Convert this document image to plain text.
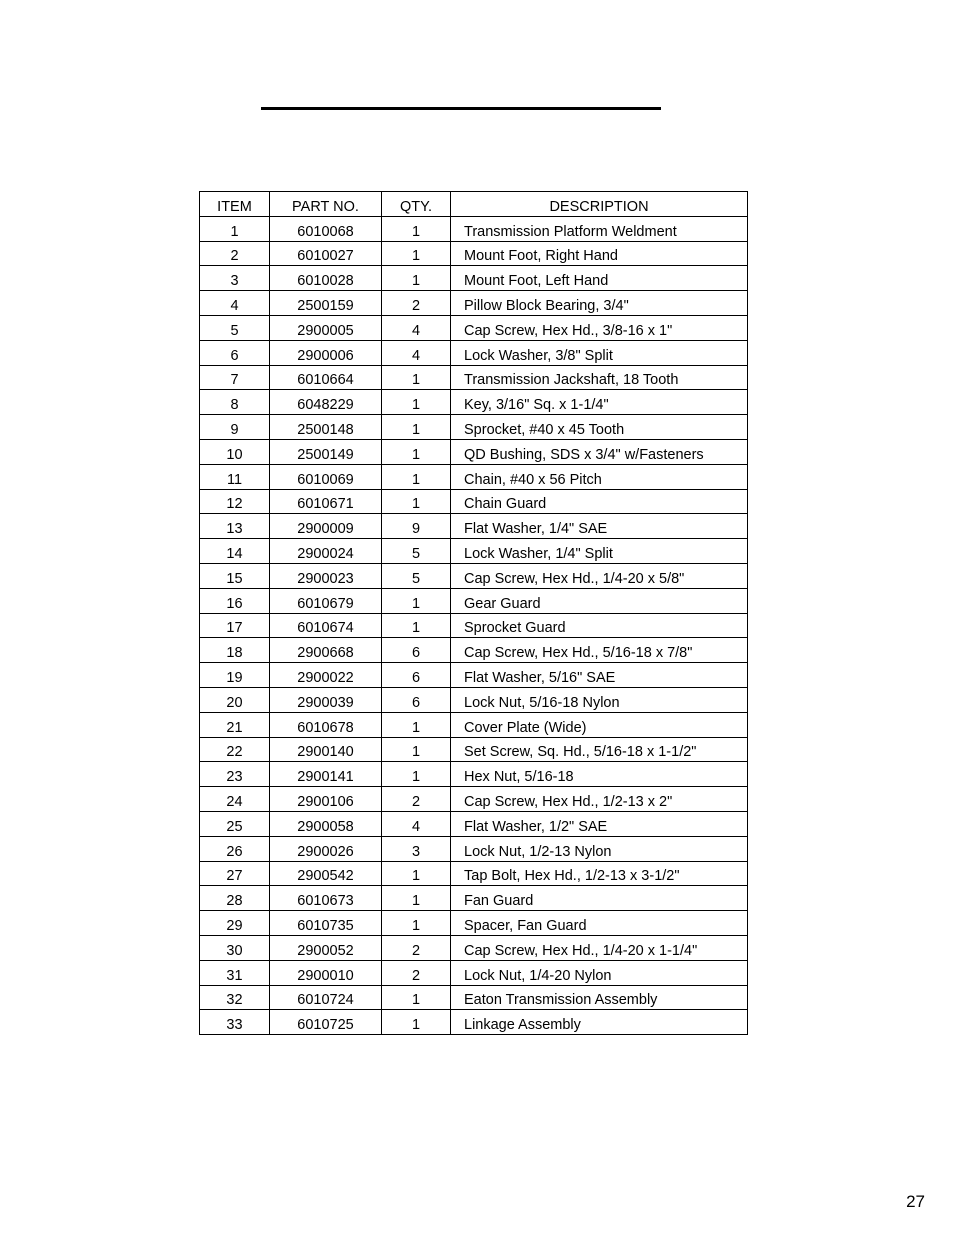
ITEM	PART NO.	QTY.	DESCRIPTION
1	6010068	1	Transmission Platform Weldment
2	6010027	1	Mount Foot, Right Hand
3	6010028	1	Mount Foot, Left Hand
4	2500159	2	Pillow Block Bearing, 3/4"
5	2900005	4	Cap Screw, Hex Hd., 3/8-16 x 1"
6	2900006	4	Lock Washer, 3/8" Split
7	6010664	1	Transmission Jackshaft, 18 Tooth
8	6048229	1	Key, 3/16" Sq. x 1-1/4"
9	2500148	1	Sprocket, #40 x 45 Tooth
10	2500149	1	QD Bushing, SDS x 3/4" w/Fasteners
11	6010069	1	Chain, #40 x 56 Pitch
12	6010671	1	Chain Guard
13	2900009	9	Flat Washer, 1/4" SAE
14	2900024	5	Lock Washer, 1/4" Split
15	2900023	5	Cap Screw, Hex Hd., 1/4-20 x 5/8"
16	6010679	1	Gear Guard
17	6010674	1	Sprocket Guard
18	2900668	6	Cap Screw, Hex Hd., 5/16-18 x 7/8"
19	2900022	6	Flat Washer, 5/16" SAE
20	2900039	6	Lock Nut, 5/16-18 Nylon
21	6010678	1	Cover Plate (Wide)
22	2900140	1	Set Screw, Sq. Hd., 5/16-18 x 1-1/2"
23	2900141	1	Hex Nut, 5/16-18
24	2900106	2	Cap Screw, Hex Hd., 1/2-13 x 2"
25	2900058	4	Flat Washer, 1/2" SAE
26	2900026	3	Lock Nut, 1/2-13 Nylon
27	2900542	1	Tap Bolt, Hex Hd., 1/2-13 x 3-1/2"
28	6010673	1	Fan Guard
29	6010735	1	Spacer, Fan Guard
30	2900052	2	Cap Screw, Hex Hd., 1/4-20 x 1-1/4"
31	2900010	2	Lock Nut, 1/4-20 Nylon
32	6010724	1	Eaton Transmission Assembly
33	6010725	1	Linkage Assembly
27
